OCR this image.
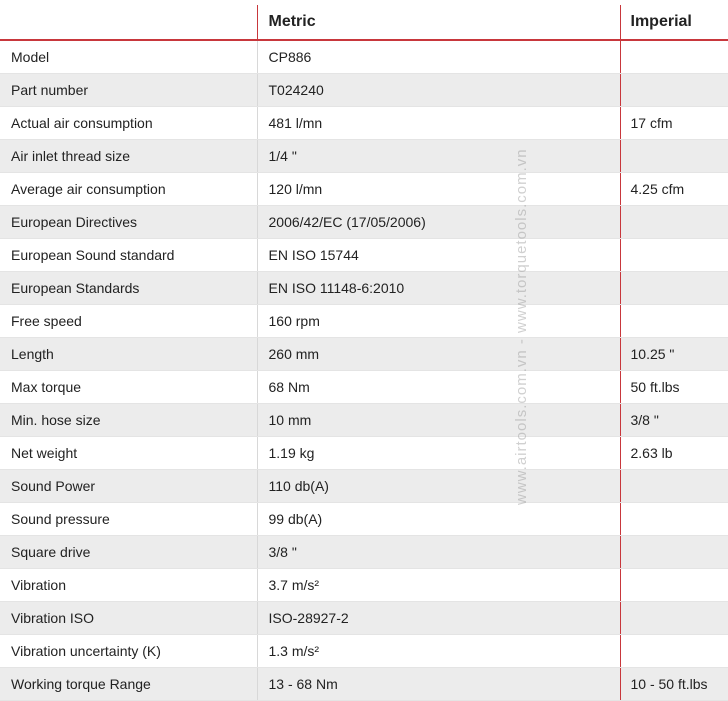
	Metric	Imperial
Model	CP886	
Part number	T024240	
Actual air consumption	481 l/mn	17 cfm
Air inlet thread size	1/4 "	
Average air consumption	120 l/mn	4.25 cfm
European Directives	2006/42/EC (17/05/2006)	
European Sound standard	EN ISO 15744	
European Standards	EN ISO 11148-6:2010	
Free speed	160 rpm	
Length	260 mm	10.25 "
Max torque	68 Nm	50 ft.lbs
Min. hose size	10 mm	3/8 "
Net weight	1.19 kg	2.63 lb
Sound Power	110 db(A)	
Sound pressure	99 db(A)	
Square drive	3/8 "	
Vibration	3.7 m/s²	
Vibration ISO	ISO-28927-2	
Vibration uncertainty (K)	1.3 m/s²	
Working torque Range	13 - 68 Nm	10 - 50 ft.lbs
www.airtools.com.vn - www.torquetools.com.vn
